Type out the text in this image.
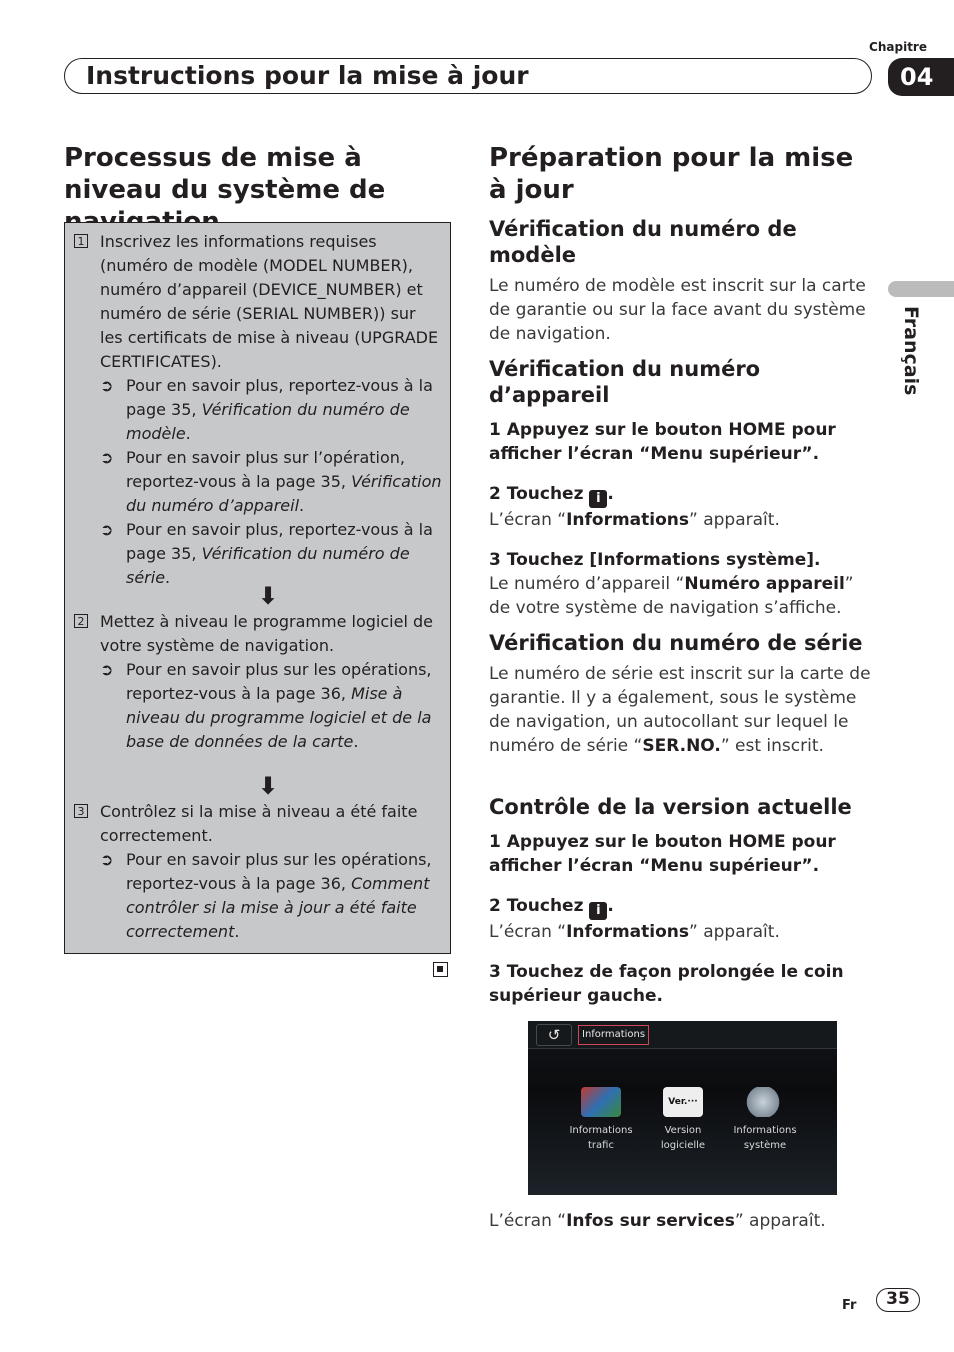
Chapitre
Instructions pour la mise à jour	04
Français
Processus de mise à niveau du système de
1 Inscrivez les informations requises (numéro de modèle (MODEL NUMBER), numéro d’appareil (DEVICE_NUMBER) et numéro de série (SERIAL NUMBER)) sur les certificats de mise à niveau (UPGRADE CERTIFICATES).
➲ Pour en savoir plus, reportez-vous à la page 35, Vérification du numéro de modèle.
➲ Pour en savoir plus sur l’opération, reportez-vous à la page 35, Vérification du numéro d’appareil.
➲ Pour en savoir plus, reportez-vous à la page 35, Vérification du numéro de série.
⬇
2 Mettez à niveau le programme logiciel de votre système de navigation.
➲ Pour en savoir plus sur les opérations, reportez-vous à la page 36, Mise à niveau du programme logiciel et de la base de données de la carte.
⬇
3 Contrôlez si la mise à niveau a été faite correctement.
➲ Pour en savoir plus sur les opérations, reportez-vous à la page 36, Comment contrôler si la mise à jour a été faite correctement.
Préparation pour la mise à jour
Vérification du numéro de modèle
Le numéro de modèle est inscrit sur la carte de garantie ou sur la face avant du système de navigation.
Vérification du numéro d’appareil
1 Appuyez sur le bouton HOME pour afficher l’écran “Menu supérieur”.
2 Touchez i .
L’écran “Informations” apparaît.
3 Touchez [Informations système].
Le numéro d’appareil “Numéro appareil” de votre système de navigation s’affiche.
Vérification du numéro de série
Le numéro de série est inscrit sur la carte de garantie. Il y a également, sous le système de navigation, un autocollant sur lequel le numéro de série “SER.NO.” est inscrit.
Contrôle de la version actuelle
1 Appuyez sur le bouton HOME pour afficher l’écran “Menu supérieur”.
2 Touchez i .
L’écran “Informations” apparaît.
3 Touchez de façon prolongée le coin supérieur gauche.
↺	Informations
Informations
trafic
Ver.···
Version
logicielle
Informations
système
L’écran “Infos sur services” apparaît.
Fr	35
